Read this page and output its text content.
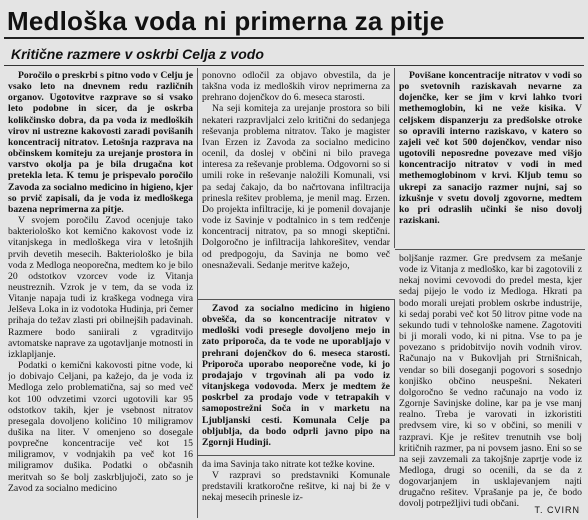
Medloška voda ni primerna za pitje
Kritične razmere v oskrbi Celja z vodo

Poročilo o preskrbi s pitno vodo v Celju je vsako leto na dnevnem redu različnih organov. Ugotovitve razprave so si vsako leto podobne in sicer, da je oskrba kolikčinsko dobra, da pa voda iz medloških virov ni ustrezne kakovosti zaradi povišanih koncentracij nitratov. Letošnja razprava na občinskem komiteju za urejanje prostora in varstvo okolja pa je bila drugačna kot pretekla leta. K temu je prispevalo poročilo Zavoda za socialno medicino in higieno, kjer so prvič zapisali, da je voda iz medloškega bazena neprimerna za pitje.

V svojem poročilu Zavod ocenjuje tako bakteriološko kot kemično kakovost vode iz vitanjskega in medloškega vira v letošnjih prvih devetih mesecih. Bakteriološko je bila voda z Medloga neoporečna, medtem ko je bilo 20 odstotkov vzorcev vode iz Vitanja neustreznih. Vzrok je v tem, da se voda iz Vitanje napaja tudi iz kraškega vodnega vira Jelševa Loka in iz vodotoka Hudinja, pri čemer prihaja do težav zlasti pri obilnejših padavinah. Razmere bodo saniirali z vgraditvijo avtomatske naprave za ugotavljanje motnosti in izklapljanje.

Podatki o kemični kakovosti pitne vode, ki jo dobivajo Celjani, pa kažejo, da je voda iz Medloga zelo problematična, saj so med več kot 100 odvzetimi vzorci ugotovili kar 95 odstotkov takih, kjer je vsebnost nitratov presegala dovoljeno količino 10 miligramov dušika na liter. V omenjeno so dosegale povprečne koncentracije več kot 15 miligramov, v vodnjakih pa več kot 16 miligramov dušika. Podatki o občasnih meritvah so še bolj zaskrbljujoči, zato so je Zavod za socialno medicino

ponovno odločil za objavo obvestila, da je takšna voda iz medloških virov neprimerna za prehrano dojenčkov do 6. meseca starosti.

Na seji komiteja za urejanje prostora so bili nekateri razpravljalci zelo kritični do sedanjega reševanja problema nitratov. Tako je magister Ivan Erzen iz Zavoda za socialno medicino ocenil, da doslej v občini ni bilo pravega interesa za reševanje problema. Odgovorni so si umili roke in reševanje naložili Komunali, vsi pa sedaj čakajo, da bo načrtovana infiltracija prinesla rešitev problema, je menil mag. Erzen. Do projekta infiltracije, ki je pomenil dovajanje vode iz Savinje v podtalnico in s tem redčenje koncentracij nitratov, pa so mnogi skeptični. Dolgoročno je infiltracija lahkorešitev, vendar od predpogoju, da Savinja ne bomo več onesnaževali. Sedanje meritve kažejo,

Zavod za socialno medicino in higieno obvešča, da so koncentracije nitratov v medloški vodi presegle dovoljeno mejo in zato priporoča, da te vode ne uporabljajo v prehrani dojenčkov do 6. meseca starosti. Priporoča uporabo neoporečne vode, ki jo prodajajo v trgovinah ali pa vodo iz vitanjskega vodovoda. Merx je medtem že poskrbel za prodajo vode v tetrapakih v samopostrežni Soča in v marketu na Ljubljanski cesti. Komunala Celje pa obljublja, da bodo odprli javno pipo na Zgornji Hudinji.

da ima Savinja tako nitrate kot težke kovine.

V razpravi so predstavniki Komunale predstavili kratkoročne rešitve, ki naj bi že v nekaj mesecih prinesle iz-

Povišane koncentracije nitratov v vodi so po svetovnih raziskavah nevarne za dojenčke, ker se jim v krvi lahko tvori methemoglobin, ki ne veže kisika. V celjskem dispanzerju za predšolske otroke so opravili interno raziskavo, v katero so zajeli več kot 500 dojenčkov, vendar niso ugotovili neposredne povezave med višjo koncentracijo nitratov v vodi in med methemoglobinom v krvi. Kljub temu so ukrepi za sanacijo razmer nujni, saj so izkušnje v svetu dovolj zgovorne, medtem ko pri odraslih učinki še niso dovolj raziskani.

boljšanje razmer. Gre predvsem za mešanje vode iz Vitanja z medloško, kar bi zagotovili z nekaj novimi cevovodi do predel mesta, kjer sedaj pijejo le vodo iz Medloga. Hkrati pa bodo morali urejati problem oskrbe industrije, ki sedaj porabi več kot 50 litrov pitne vode na sekundo tudi v tehnološke namene. Zagotoviti bi ji morali vodo, ki ni pitna. Vse to pa je povezano s pridobitvijo novih vodnih virov. Računajo na v Bukovljah pri Strnišnicah, vendar so bili doseganji pogovori s sosednjo konjiško občino neuspešni. Nekateri dolgoročno še vedno računajo na vodo iz Zgornje Savinjske doline, kar pa je vse manj realno. Treba je varovati in izkoristiti predvsem vire, ki so v občini, so menili v razpravi. Kje je rešitev trenutnih vse bolj kritičnih razmer, pa ni povsem jasno. Eni so se na seji zavzemali za takojšnje zaprtje vode iz Medloga, drugi so ocenili, da se da z dogovarjanjem in usklajevanjem najti drugačno rešitev. Vprašanje pa je, če bodo dovolj potrpežljivi tudi občani.

T. CVIRN
